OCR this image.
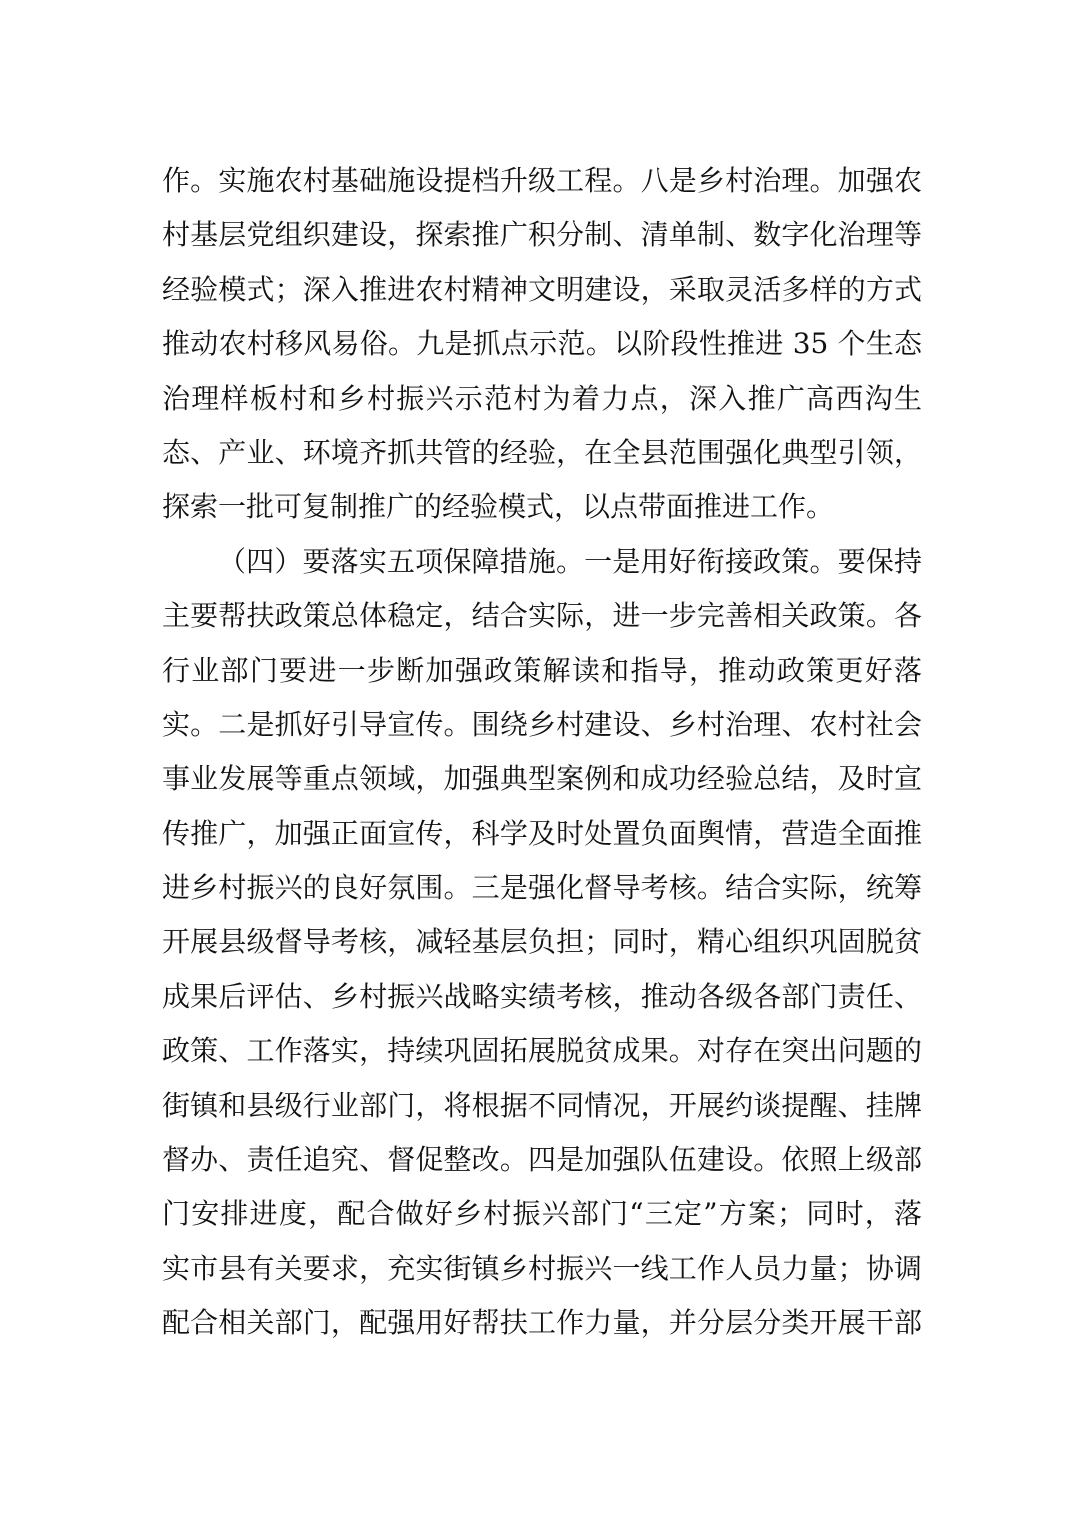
作。实施农村基础施设提档升级工程。八是乡村治理。加强农
村基层党组织建设，探索推广积分制、清单制、数字化治理等
经验模式；深入推进农村精神文明建设，采取灵活多样的方式
推动农村移风易俗。九是抓点示范。以阶段性推进 35 个生态
治理样板村和乡村振兴示范村为着力点，深入推广高西沟生
态、产业、环境齐抓共管的经验，在全县范围强化典型引领，
探索一批可复制推广的经验模式，以点带面推进工作。
（四）要落实五项保障措施。一是用好衔接政策。要保持
主要帮扶政策总体稳定，结合实际，进一步完善相关政策。各
行业部门要进一步断加强政策解读和指导，推动政策更好落
实。二是抓好引导宣传。围绕乡村建设、乡村治理、农村社会
事业发展等重点领域，加强典型案例和成功经验总结，及时宣
传推广，加强正面宣传，科学及时处置负面舆情，营造全面推
进乡村振兴的良好氛围。三是强化督导考核。结合实际，统筹
开展县级督导考核，减轻基层负担；同时，精心组织巩固脱贫
成果后评估、乡村振兴战略实绩考核，推动各级各部门责任、
政策、工作落实，持续巩固拓展脱贫成果。对存在突出问题的
街镇和县级行业部门，将根据不同情况，开展约谈提醒、挂牌
督办、责任追究、督促整改。四是加强队伍建设。依照上级部
门安排进度，配合做好乡村振兴部门“三定”方案；同时，落
实市县有关要求，充实街镇乡村振兴一线工作人员力量；协调
配合相关部门，配强用好帮扶工作力量，并分层分类开展干部
